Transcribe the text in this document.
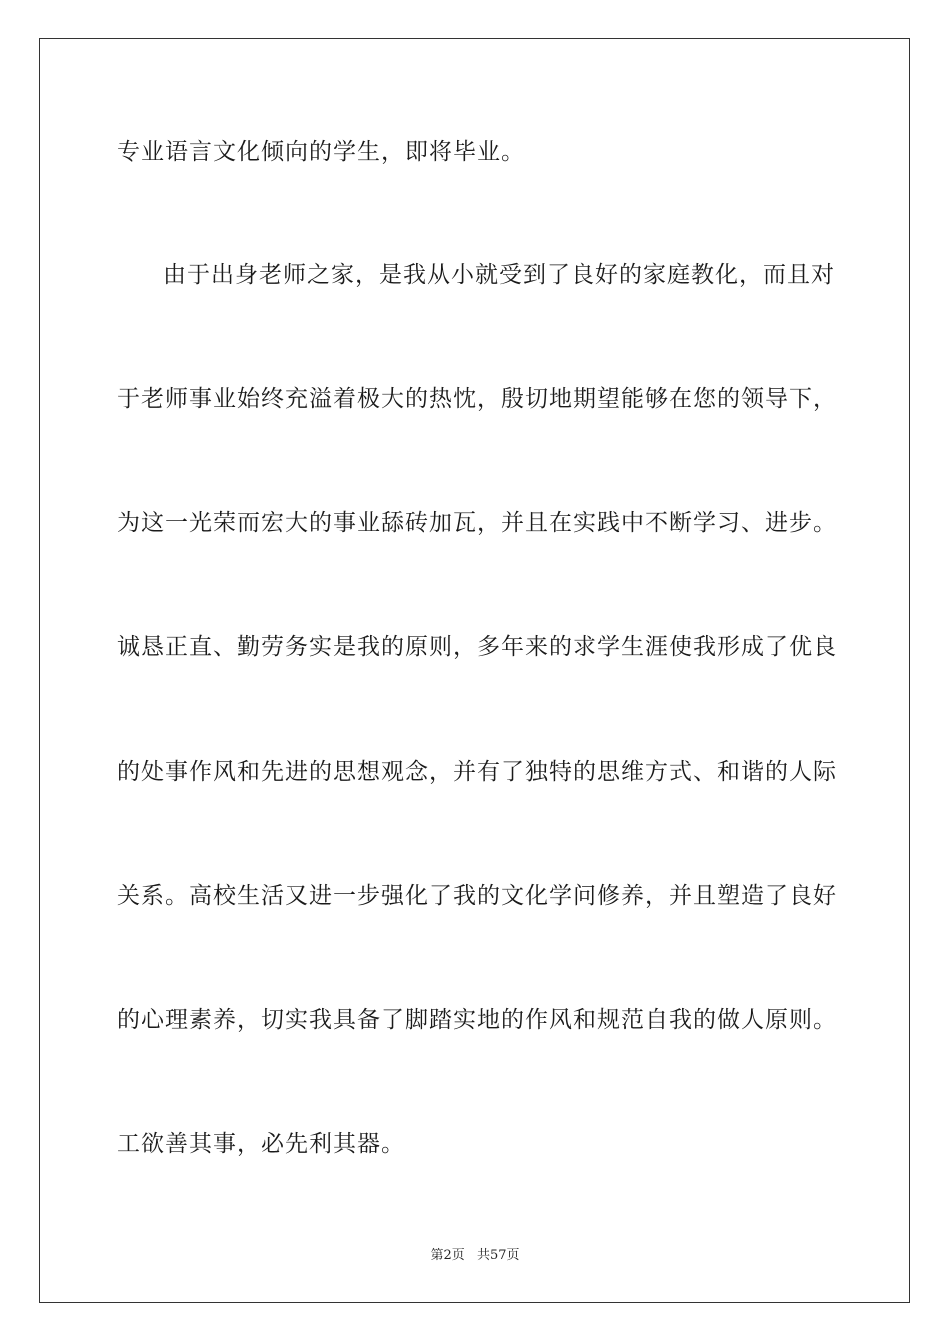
专业语言文化倾向的学生，即将毕业。
由于出身老师之家，是我从小就受到了良好的家庭教化，而且对
于老师事业始终充溢着极大的热忱，殷切地期望能够在您的领导下，
为这一光荣而宏大的事业舔砖加瓦，并且在实践中不断学习、进步。
诚恳正直、勤劳务实是我的原则，多年来的求学生涯使我形成了优良
的处事作风和先进的思想观念，并有了独特的思维方式、和谐的人际
关系。高校生活又进一步强化了我的文化学问修养，并且塑造了良好
的心理素养，切实我具备了脚踏实地的作风和规范自我的做人原则。
工欲善其事，必先利其器。
第2页 共57页
